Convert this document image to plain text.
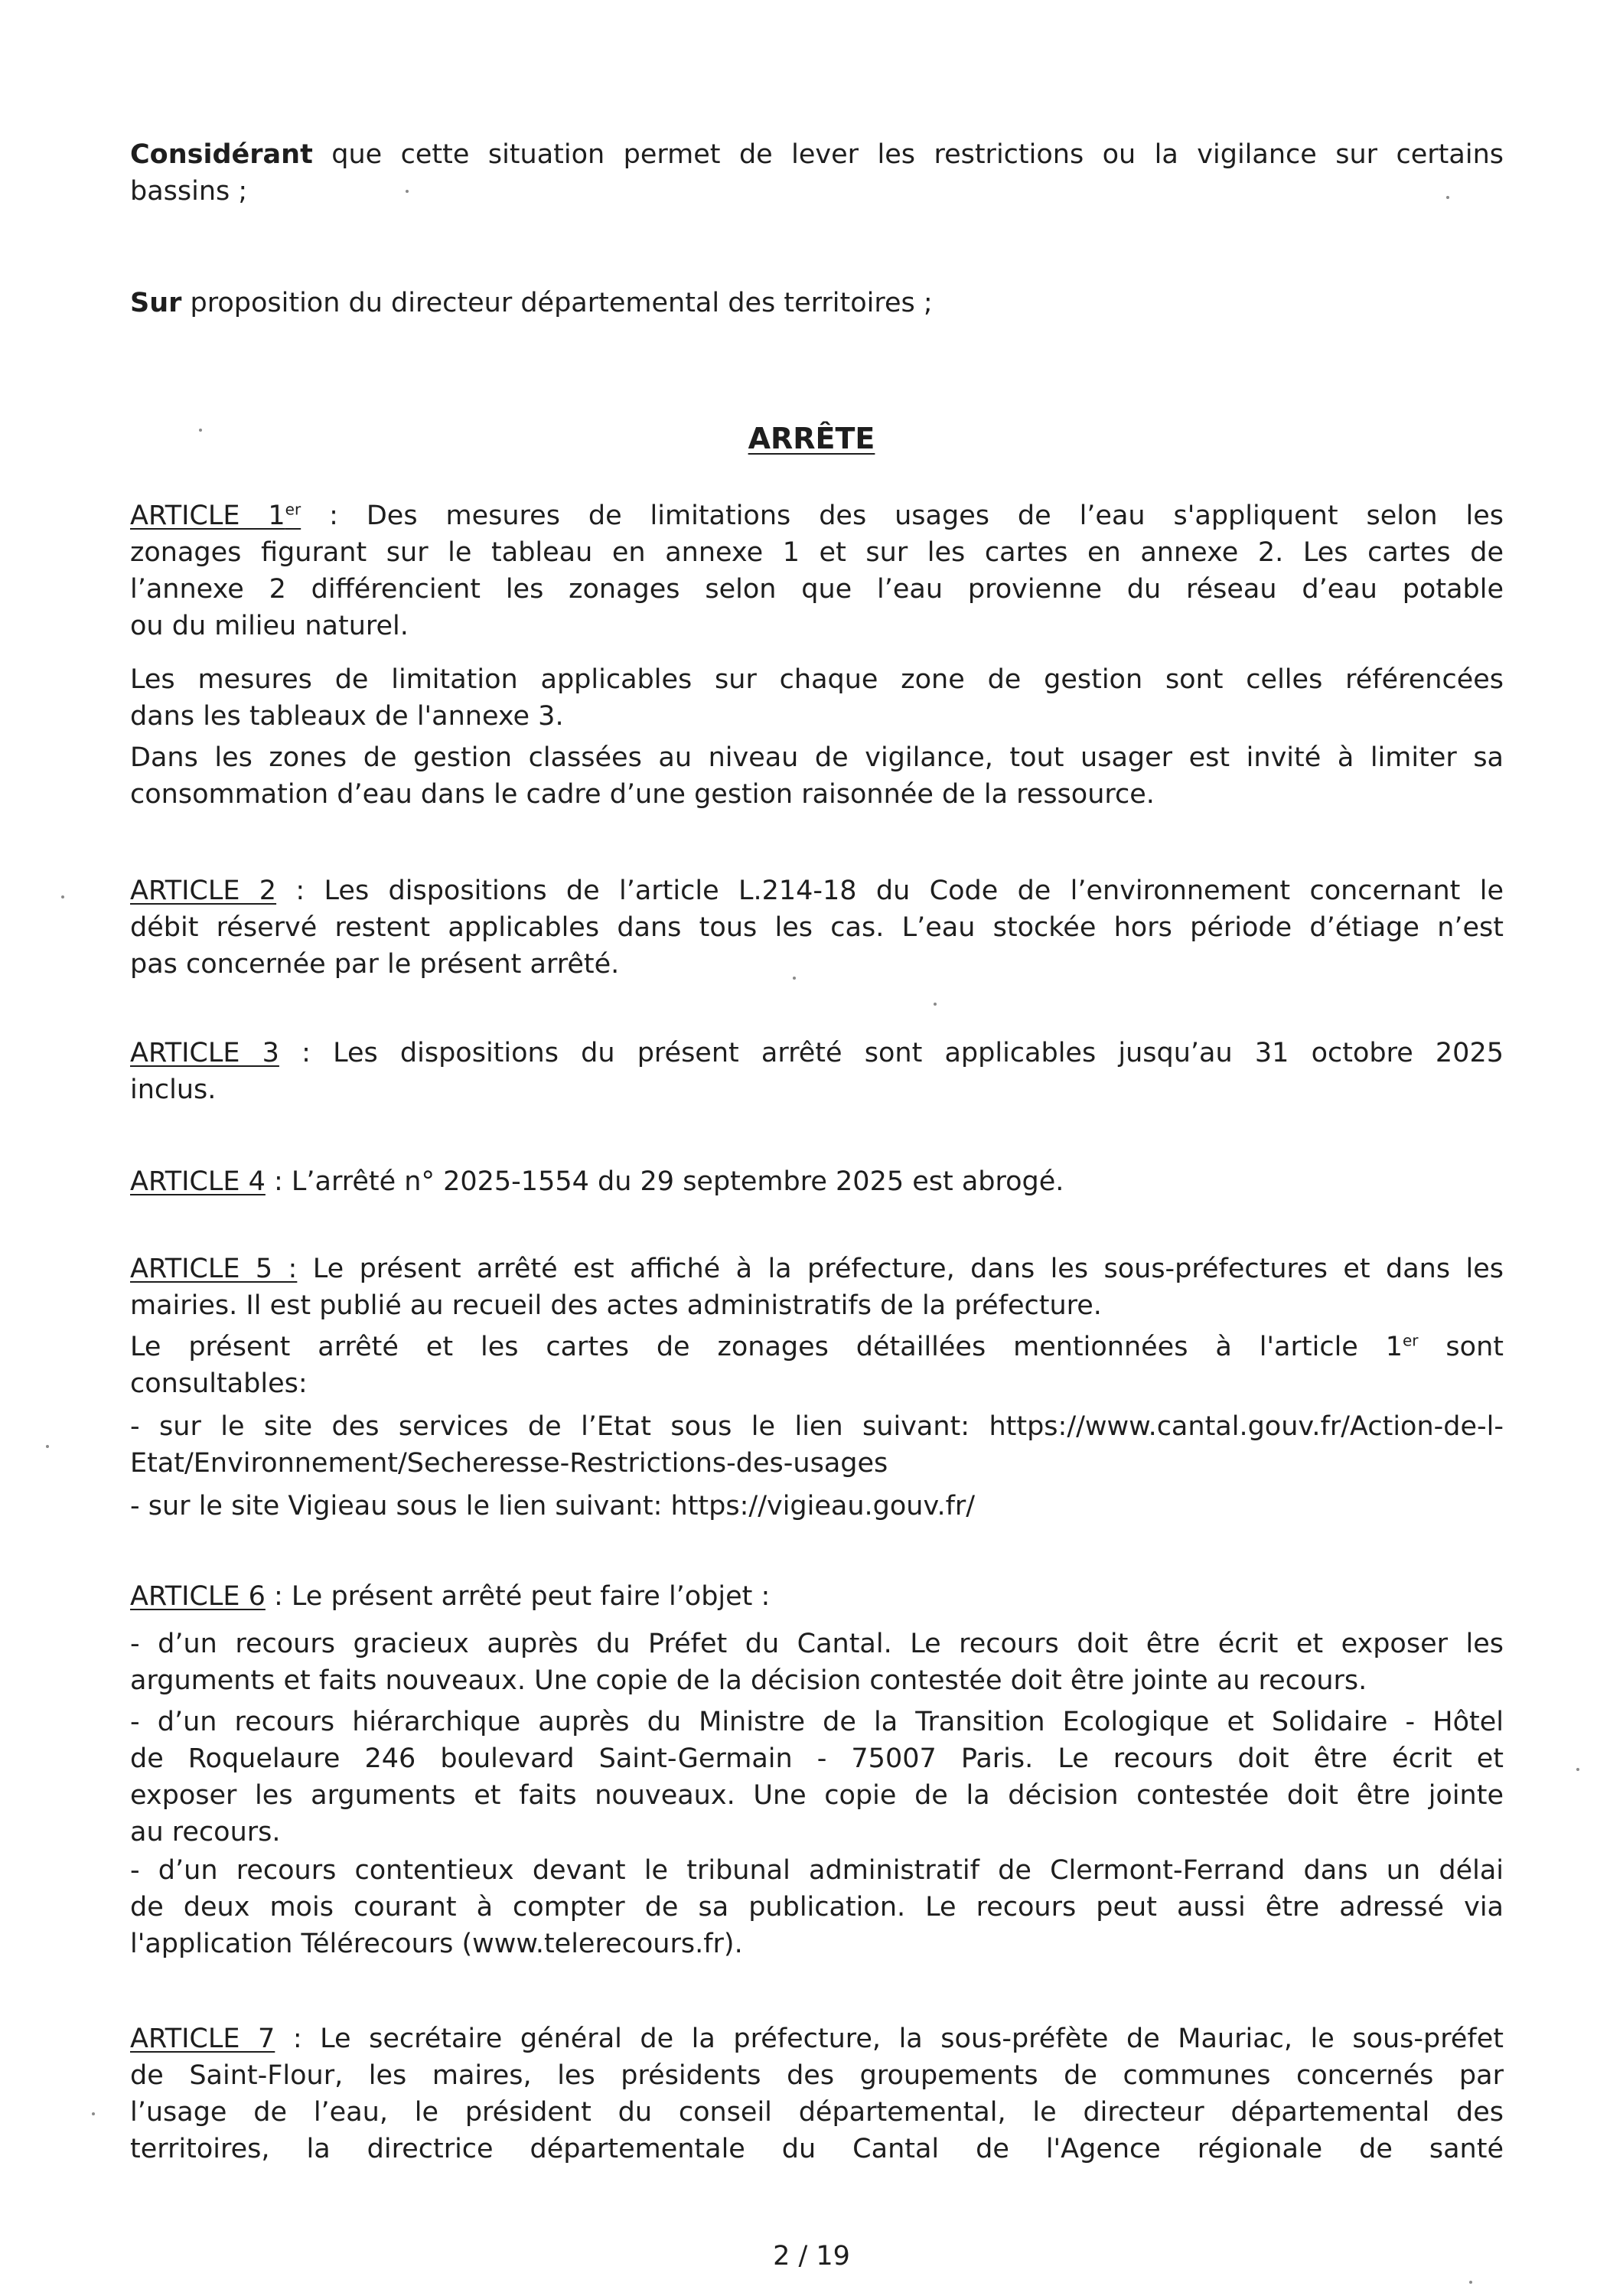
Considérant que cette situation permet de lever les restrictions ou la vigilance sur certains
bassins ;

Sur proposition du directeur départemental des territoires ;

ARRÊTE

ARTICLE 1er : Des mesures de limitations des usages de l’eau s'appliquent selon les
zonages figurant sur le tableau en annexe 1 et sur les cartes en annexe 2. Les cartes de
l’annexe 2 différencient les zonages selon que l’eau provienne du réseau d’eau potable
ou du milieu naturel.

Les mesures de limitation applicables sur chaque zone de gestion sont celles référencées
dans les tableaux de l'annexe 3.

Dans les zones de gestion classées au niveau de vigilance, tout usager est invité à limiter sa
consommation d’eau dans le cadre d’une gestion raisonnée de la ressource.

ARTICLE 2 : Les dispositions de l’article L.214-18 du Code de l’environnement concernant le
débit réservé restent applicables dans tous les cas. L’eau stockée hors période d’étiage n’est
pas concernée par le présent arrêté.

ARTICLE 3 : Les dispositions du présent arrêté sont applicables jusqu’au 31 octobre 2025
inclus.

ARTICLE 4 : L’arrêté n° 2025-1554 du 29 septembre 2025 est abrogé.

ARTICLE 5 : Le présent arrêté est affiché à la préfecture, dans les sous-préfectures et dans les
mairies. Il est publié au recueil des actes administratifs de la préfecture.

Le présent arrêté et les cartes de zonages détaillées mentionnées à l'article 1er sont
consultables:

- sur le site des services de l’Etat sous le lien suivant: https://www.cantal.gouv.fr/Action-de-l-
Etat/Environnement/Secheresse-Restrictions-des-usages

- sur le site Vigieau sous le lien suivant: https://vigieau.gouv.fr/

ARTICLE 6 : Le présent arrêté peut faire l’objet :

- d’un recours gracieux auprès du Préfet du Cantal. Le recours doit être écrit et exposer les
arguments et faits nouveaux. Une copie de la décision contestée doit être jointe au recours.

- d’un recours hiérarchique auprès du Ministre de la Transition Ecologique et Solidaire - Hôtel
de Roquelaure 246 boulevard Saint-Germain - 75007 Paris. Le recours doit être écrit et
exposer les arguments et faits nouveaux. Une copie de la décision contestée doit être jointe
au recours.

- d’un recours contentieux devant le tribunal administratif de Clermont-Ferrand dans un délai
de deux mois courant à compter de sa publication. Le recours peut aussi être adressé via
l'application Télérecours (www.telerecours.fr).

ARTICLE 7 : Le secrétaire général de la préfecture, la sous-préfète de Mauriac, le sous-préfet
de Saint-Flour, les maires, les présidents des groupements de communes concernés par
l’usage de l’eau, le président du conseil départemental, le directeur départemental des
territoires, la directrice départementale du Cantal de l'Agence régionale de santé

2 / 19
